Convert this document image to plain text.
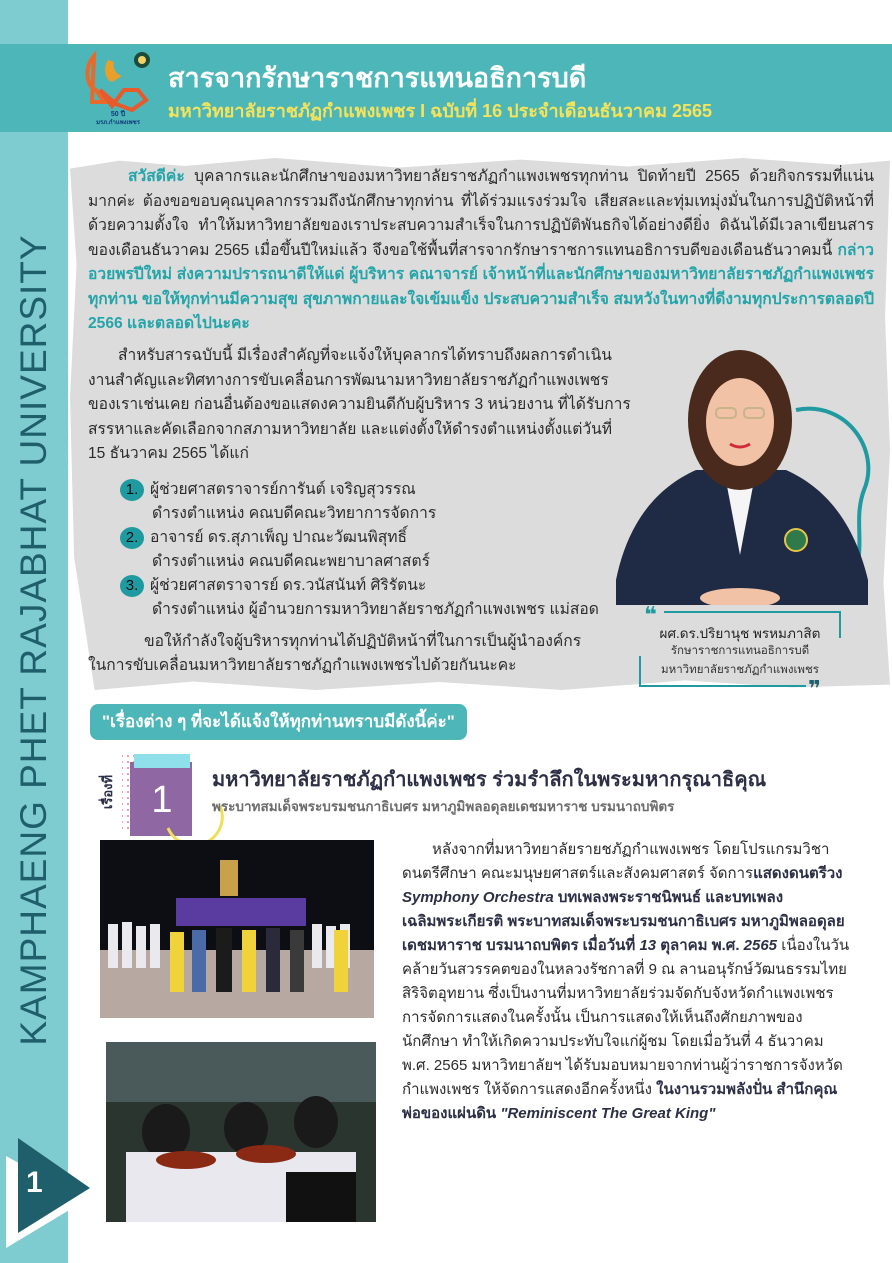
KAMPHAENG PHET RAJABHAT UNIVERSITY
1
50 ปี
มรภ.กำแพงเพชร
สารจากรักษาราชการแทนอธิการบดี
มหาวิทยาลัยราชภัฏกำแพงเพชร I ฉบับที่ 16 ประจำเดือนธันวาคม 2565
สวัสดีค่ะ บุคลากรและนักศึกษาของมหาวิทยาลัยราชภัฏกำแพงเพชรทุกท่าน ปิดท้ายปี 2565 ด้วยกิจกรรมที่แน่นมากค่ะ ต้องขอขอบคุณบุคลากรรวมถึงนักศึกษาทุกท่าน ที่ได้ร่วมแรงร่วมใจ เสียสละและทุ่มเทมุ่งมั่นในการปฏิบัติหน้าที่ด้วยความตั้งใจ ทำให้มหาวิทยาลัยของเราประสบความสำเร็จในการปฏิบัติพันธกิจได้อย่างดียิ่ง ดิฉันได้มีเวลาเขียนสารของเดือนธันวาคม 2565 เมื่อขึ้นปีใหม่แล้ว จึงขอใช้พื้นที่สารจากรักษาราชการแทนอธิการบดีของเดือนธันวาคมนี้ กล่าวอวยพรปีใหม่ ส่งความปรารถนาดีให้แด่ ผู้บริหาร คณาจารย์ เจ้าหน้าที่และนักศึกษาของมหาวิทยาลัยราชภัฏกำแพงเพชรทุกท่าน ขอให้ทุกท่านมีความสุข สุขภาพกายและใจเข้มแข็ง ประสบความสำเร็จ สมหวังในทางที่ดีงามทุกประการตลอดปี 2566 และตลอดไปนะคะ
สำหรับสารฉบับนี้ มีเรื่องสำคัญที่จะแจ้งให้บุคลากรได้ทราบถึงผลการดำเนินงานสำคัญและทิศทางการขับเคลื่อนการพัฒนามหาวิทยาลัยราชภัฏกำแพงเพชรของเราเช่นเคย ก่อนอื่นต้องขอแสดงความยินดีกับผู้บริหาร 3 หน่วยงาน ที่ได้รับการสรรหาและคัดเลือกจากสภามหาวิทยาลัย และแต่งตั้งให้ดำรงตำแหน่งตั้งแต่วันที่ 15 ธันวาคม 2565 ได้แก่
1. ผู้ช่วยศาสตราจารย์การันต์ เจริญสุวรรณ
ดำรงตำแหน่ง คณบดีคณะวิทยาการจัดการ
2. อาจารย์ ดร.สุภาเพ็ญ ปาณะวัฒนพิสุทธิ์
ดำรงตำแหน่ง คณบดีคณะพยาบาลศาสตร์
3. ผู้ช่วยศาสตราจารย์ ดร.วนัสนันท์ ศิริรัตนะ
ดำรงตำแหน่ง ผู้อำนวยการมหาวิทยาลัยราชภัฏกำแพงเพชร แม่สอด
ขอให้กำลังใจผู้บริหารทุกท่านได้ปฏิบัติหน้าที่ในการเป็นผู้นำองค์กร
ในการขับเคลื่อนมหาวิทยาลัยราชภัฏกำแพงเพชรไปด้วยกันนะคะ
❝
❞
ผศ.ดร.ปริยานุช พรหมภาสิต
รักษาราชการแทนอธิการบดี
มหาวิทยาลัยราชภัฏกำแพงเพชร
"เรื่องต่าง ๆ ที่จะได้แจ้งให้ทุกท่านทราบมีดังนี้ค่ะ"
1
เรื่องที่	มหาวิทยาลัยราชภัฏกำแพงเพชร ร่วมรำลึกในพระมหากรุณาธิคุณ
พระบาทสมเด็จพระบรมชนกาธิเบศร มหาภูมิพลอดุลยเดชมหาราช บรมนาถบพิตร
หลังจากที่มหาวิทยาลัยรายชภัฏกำแพงเพชร โดยโปรแกรมวิชาดนตรีศึกษา คณะมนุษยศาสตร์และสังคมศาสตร์ จัดการแสดงดนตรีวง Symphony Orchestra บทเพลงพระราชนิพนธ์ และบทเพลงเฉลิมพระเกียรติ พระบาทสมเด็จพระบรมชนกาธิเบศร มหาภูมิพลอดุลยเดชมหาราช บรมนาถบพิตร เมื่อวันที่ 13 ตุลาคม พ.ศ. 2565 เนื่องในวันคล้ายวันสวรรคตของในหลวงรัชกาลที่ 9 ณ ลานอนุรักษ์วัฒนธรรมไทยสิริจิตอุทยาน ซึ่งเป็นงานที่มหาวิทยาลัยร่วมจัดกับจังหวัดกำแพงเพชร การจัดการแสดงในครั้งนั้น เป็นการแสดงให้เห็นถึงศักยภาพของนักศึกษา ทำให้เกิดความประทับใจแก่ผู้ชม โดยเมื่อวันที่ 4 ธันวาคม พ.ศ. 2565 มหาวิทยาลัยฯ ได้รับมอบหมายจากท่านผู้ว่าราชการจังหวัดกำแพงเพชร ให้จัดการแสดงอีกครั้งหนึ่ง ในงานรวมพลังปั่น สำนึกคุณพ่อของแผ่นดิน "Reminiscent The Great King"
